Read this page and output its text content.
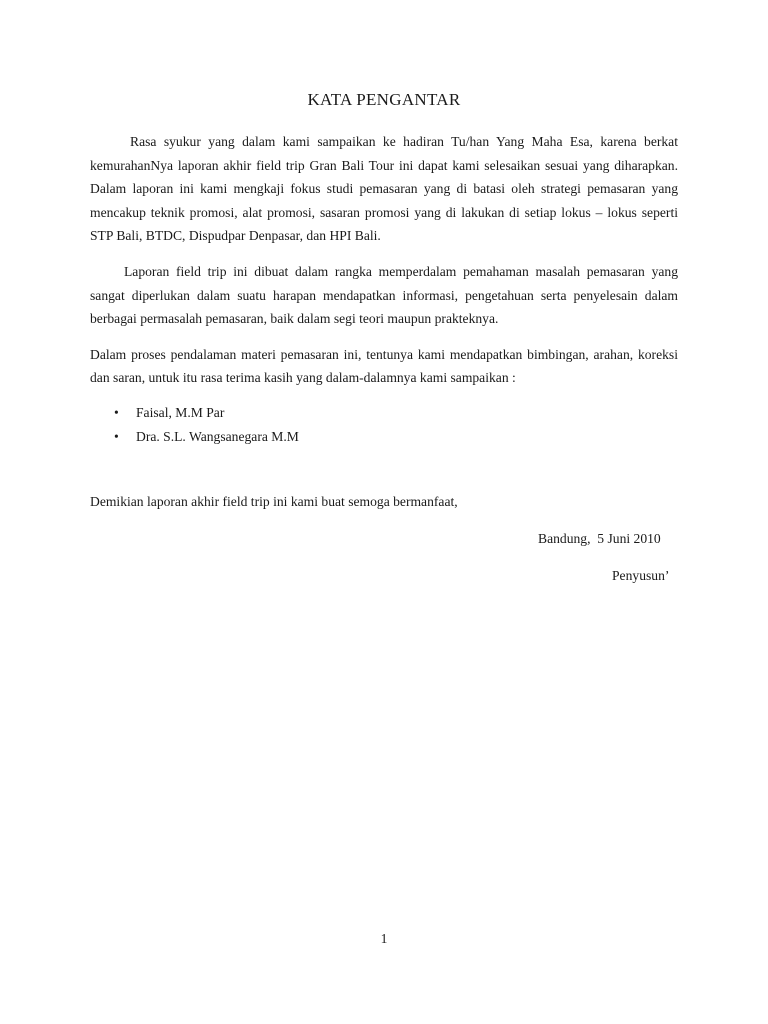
KATA PENGANTAR

Rasa syukur yang dalam kami sampaikan ke hadiran Tu/han Yang Maha Esa, karena berkat kemurahanNya laporan akhir field trip Gran Bali Tour ini dapat kami selesaikan sesuai yang diharapkan. Dalam laporan ini kami mengkaji fokus studi pemasaran yang di batasi oleh strategi pemasaran yang mencakup teknik promosi, alat promosi, sasaran promosi yang di lakukan di setiap lokus – lokus seperti STP Bali, BTDC, Dispudpar Denpasar, dan HPI Bali.

Laporan field trip ini dibuat dalam rangka memperdalam pemahaman masalah pemasaran yang sangat diperlukan dalam suatu harapan mendapatkan informasi, pengetahuan serta penyelesain dalam berbagai permasalah pemasaran, baik dalam segi teori maupun prakteknya.

Dalam proses pendalaman materi pemasaran ini, tentunya kami mendapatkan bimbingan, arahan, koreksi dan saran, untuk itu rasa terima kasih yang dalam-dalamnya kami sampaikan :

• Faisal, M.M Par
• Dra. S.L. Wangsanegara M.M

Demikian laporan akhir field trip ini kami buat semoga bermanfaat,

Bandung,  5 Juni 2010

Penyusun’

1
